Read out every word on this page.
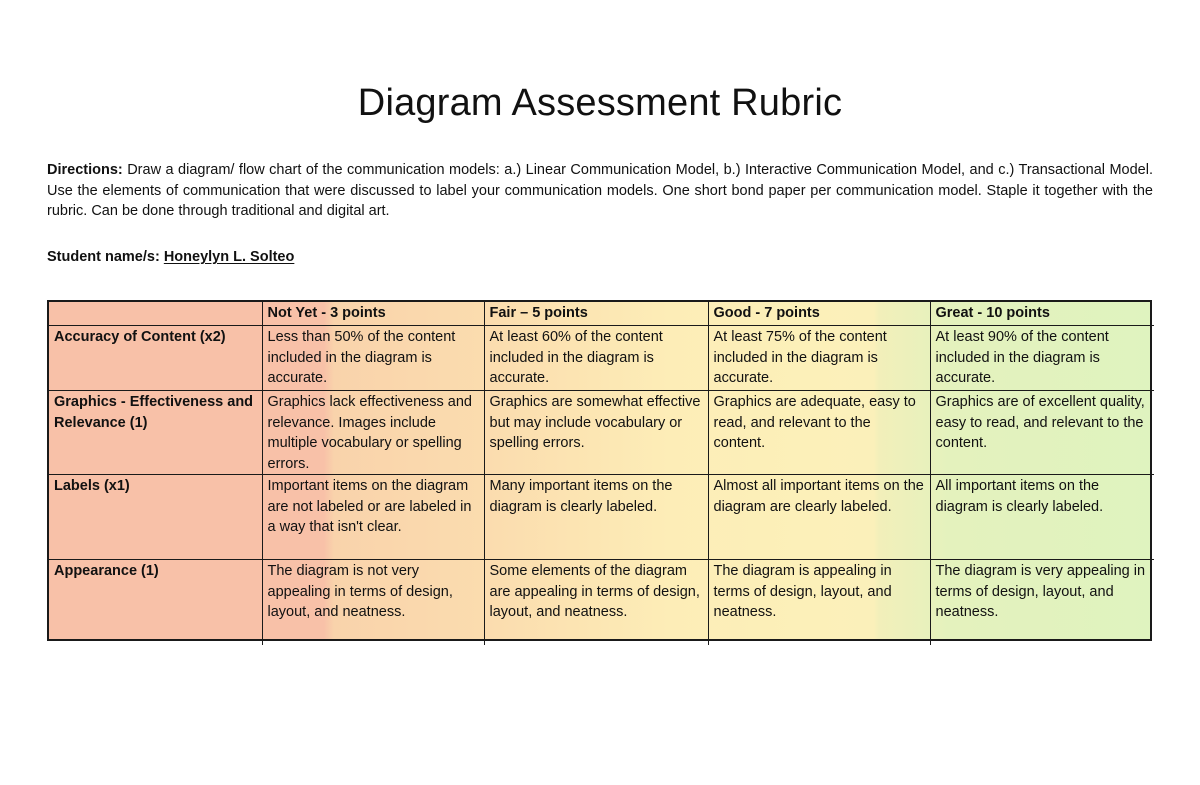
Diagram Assessment Rubric

Directions: Draw a diagram/ flow chart of the communication models: a.) Linear Communication Model, b.) Interactive Communication Model, and c.) Transactional Model. Use the elements of communication that were discussed to label your communication models. One short bond paper per communication model. Staple it together with the rubric. Can be done through traditional and digital art.

Student name/s: Honeylyn L. Solteo

	Not Yet - 3 points	Fair – 5 points	Good - 7 points	Great - 10 points
Accuracy of Content (x2)	Less than 50% of the content included in the diagram is accurate.	At least 60% of the content included in the diagram is accurate.	At least 75% of the content included in the diagram is accurate.	At least 90% of the content included in the diagram is accurate.
Graphics - Effectiveness and Relevance (1)	Graphics lack effectiveness and relevance. Images include multiple vocabulary or spelling errors.	Graphics are somewhat effective but may include vocabulary or spelling errors.	Graphics are adequate, easy to read, and relevant to the content.	Graphics are of excellent quality, easy to read, and relevant to the content.
Labels (x1)	Important items on the diagram are not labeled or are labeled in a way that isn't clear.	Many important items on the diagram is clearly labeled.	Almost all important items on the diagram are clearly labeled.	All important items on the diagram is clearly labeled.
Appearance (1)	The diagram is not very appealing in terms of design, layout, and neatness.	Some elements of the diagram are appealing in terms of design, layout, and neatness.	The diagram is appealing in terms of design, layout, and neatness.	The diagram is very appealing in terms of design, layout, and neatness.
